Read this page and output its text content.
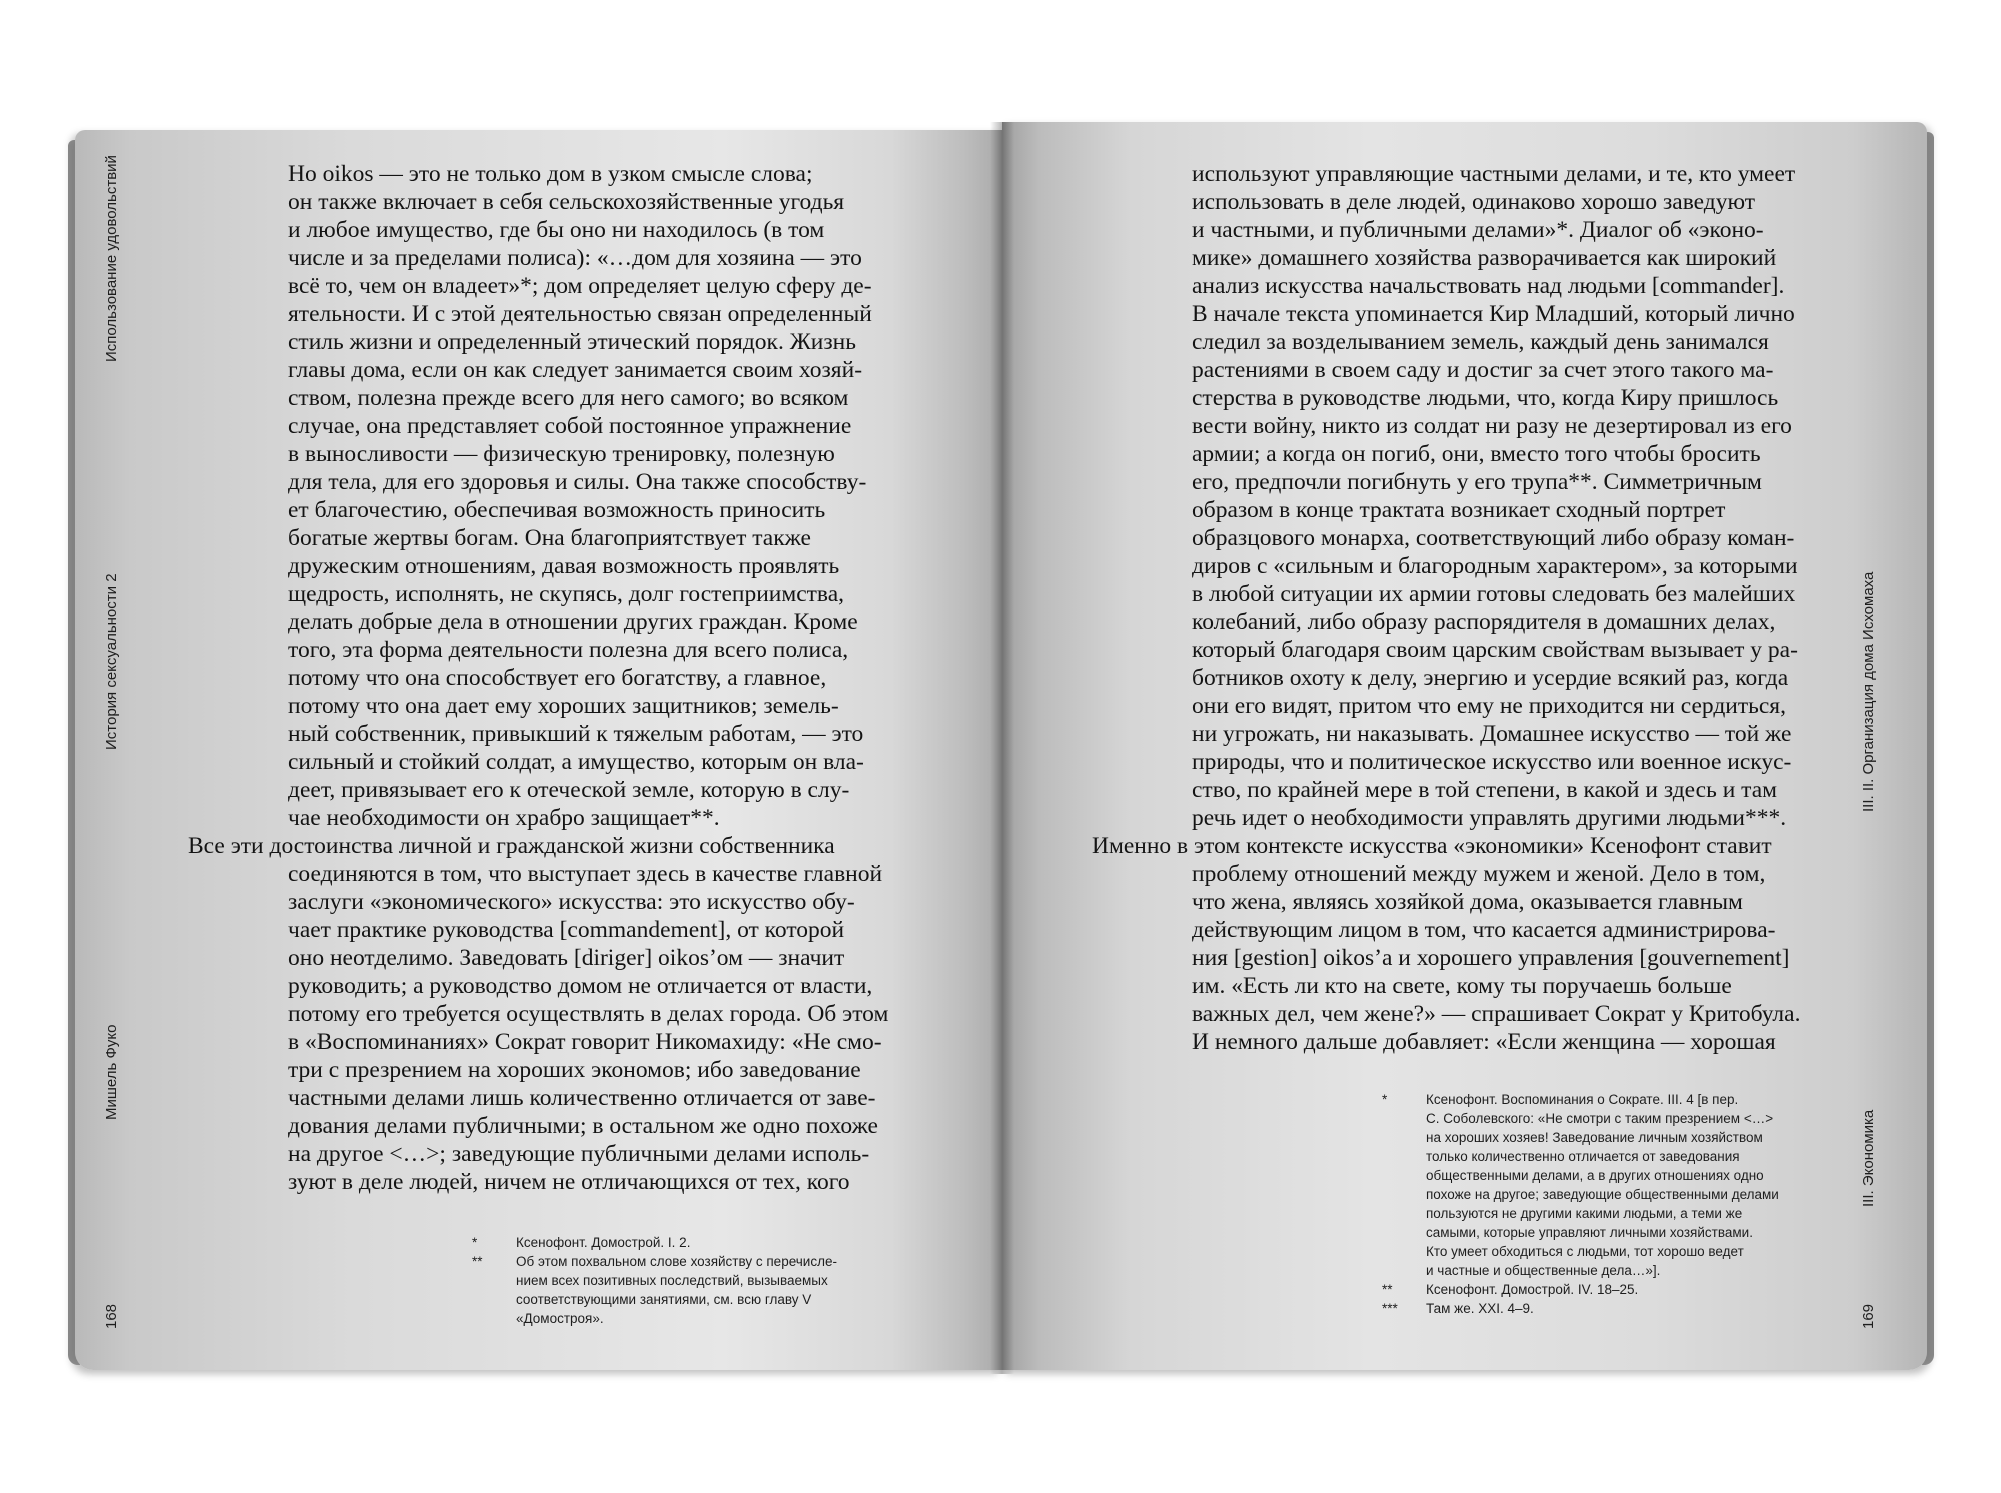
Использование удовольствий
История сексуальности 2
Мишель Фуко
168
Но oikos — это не только дом в узком смысле слова;
он также включает в себя сельскохозяйственные угодья
и любое имущество, где бы оно ни находилось (в том
числе и за пределами полиса): «…дом для хозяина — это
всё то, чем он владеет»*; дом определяет целую сферу де-
ятельности. И с этой деятельностью связан определенный
стиль жизни и определенный этический порядок. Жизнь
главы дома, если он как следует занимается своим хозяй-
ством, полезна прежде всего для него самого; во всяком
случае, она представляет собой постоянное упражнение
в выносливости — физическую тренировку, полезную
для тела, для его здоровья и силы. Она также способству-
ет благочестию, обеспечивая возможность приносить
богатые жертвы богам. Она благоприятствует также
дружеским отношениям, давая возможность проявлять
щедрость, исполнять, не скупясь, долг гостеприимства,
делать добрые дела в отношении других граждан. Кроме
того, эта форма деятельности полезна для всего полиса,
потому что она способствует его богатству, а главное,
потому что она дает ему хороших защитников; земель-
ный собственник, привыкший к тяжелым работам, — это
сильный и стойкий солдат, а имущество, которым он вла-
деет, привязывает его к отеческой земле, которую в слу-
чае необходимости он храбро защищает**.
Все эти достоинства личной и гражданской жизни собственника
соединяются в том, что выступает здесь в качестве главной
заслуги «экономического» искусства: это искусство обу-
чает практике руководства [commandement], от которой
оно неотделимо. Заведовать [diriger] oikos’ом — значит
руководить; а руководство домом не отличается от власти,
потому его требуется осуществлять в делах города. Об этом
в «Воспоминаниях» Сократ говорит Никомахиду: «Не смо-
три с презрением на хороших экономов; ибо заведование
частными делами лишь количественно отличается от заве-
дования делами публичными; в остальном же одно похоже
на другое <…>; заведующие публичными делами исполь-
зуют в деле людей, ничем не отличающихся от тех, кого
*	Ксенофонт. Домострой. I. 2.
** Об этом похвальном слове хозяйству с перечисле-
нием всех позитивных последствий, вызываемых
соответствующими занятиями, см. всю главу V
«Домостроя».
III. II. Организация дома Исхомаха
III. Экономика
169
используют управляющие частными делами, и те, кто умеет
использовать в деле людей, одинаково хорошо заведуют
и частными, и публичными делами»*. Диалог об «эконо-
мике» домашнего хозяйства разворачивается как широкий
анализ искусства начальствовать над людьми [commander].
В начале текста упоминается Кир Младший, который лично
следил за возделыванием земель, каждый день занимался
растениями в своем саду и достиг за счет этого такого ма-
стерства в руководстве людьми, что, когда Киру пришлось
вести войну, никто из солдат ни разу не дезертировал из его
армии; а когда он погиб, они, вместо того чтобы бросить
его, предпочли погибнуть у его трупа**. Симметричным
образом в конце трактата возникает сходный портрет
образцового монарха, соответствующий либо образу коман-
диров с «сильным и благородным характером», за которыми
в любой ситуации их армии готовы следовать без малейших
колебаний, либо образу распорядителя в домашних делах,
который благодаря своим царским свойствам вызывает у ра-
ботников охоту к делу, энергию и усердие всякий раз, когда
они его видят, притом что ему не приходится ни сердиться,
ни угрожать, ни наказывать. Домашнее искусство — той же
природы, что и политическое искусство или военное искус-
ство, по крайней мере в той степени, в какой и здесь и там
речь идет о необходимости управлять другими людьми***.
Именно в этом контексте искусства «экономики» Ксенофонт ставит
проблему отношений между мужем и женой. Дело в том,
что жена, являясь хозяйкой дома, оказывается главным
действующим лицом в том, что касается администрирова-
ния [gestion] oikos’а и хорошего управления [gouvernement]
им. «Есть ли кто на свете, кому ты поручаешь больше
важных дел, чем жене?» — спрашивает Сократ у Критобула.
И немного дальше добавляет: «Если женщина — хорошая
*	Ксенофонт. Воспоминания о Сократе. III. 4 [в пер.
С. Соболевского: «Не смотри с таким презрением <…>
на хороших хозяев! Заведование личным хозяйством
только количественно отличается от заведования
общественными делами, а в других отношениях одно
похоже на другое; заведующие общественными делами
пользуются не другими какими людьми, а теми же
самыми, которые управляют личными хозяйствами.
Кто умеет обходиться с людьми, тот хорошо ведет
и частные и общественные дела…»].
** Ксенофонт. Домострой. IV. 18–25.
*** Там же. XXI. 4–9.
